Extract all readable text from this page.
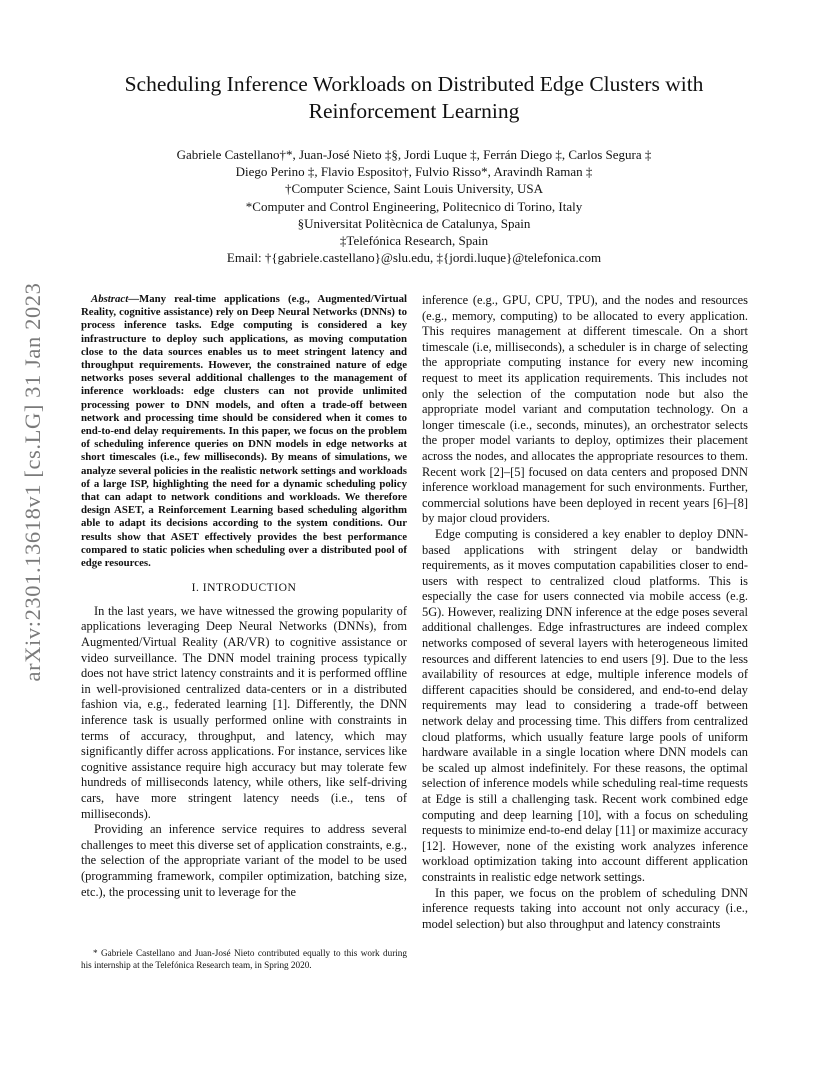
Scheduling Inference Workloads on Distributed Edge Clusters with
Reinforcement Learning
Gabriele Castellano†*, Juan-José Nieto ‡§, Jordi Luque ‡, Ferrán Diego ‡, Carlos Segura ‡
Diego Perino ‡, Flavio Esposito†, Fulvio Risso*, Aravindh Raman ‡
†Computer Science, Saint Louis University, USA
*Computer and Control Engineering, Politecnico di Torino, Italy
§Universitat Politècnica de Catalunya, Spain
‡Telefónica Research, Spain
Email: †{gabriele.castellano}@slu.edu, ‡{jordi.luque}@telefonica.com
arXiv:2301.13618v1 [cs.LG] 31 Jan 2023	Abstract—Many real-time applications (e.g., Augmented/Virtual Reality, cognitive assistance) rely on Deep Neural Networks (DNNs) to process inference tasks. Edge computing is considered a key infrastructure to deploy such applications, as moving computation close to the data sources enables us to meet stringent latency and throughput requirements. However, the constrained nature of edge networks poses several additional challenges to the management of inference workloads: edge clusters can not provide unlimited processing power to DNN models, and often a trade-off between network and processing time should be considered when it comes to end-to-end delay requirements. In this paper, we focus on the problem of scheduling inference queries on DNN models in edge networks at short timescales (i.e., few milliseconds). By means of simulations, we analyze several policies in the realistic network settings and workloads of a large ISP, highlighting the need for a dynamic scheduling policy that can adapt to network conditions and workloads. We therefore design ASET, a Reinforcement Learning based scheduling algorithm able to adapt its decisions according to the system conditions. Our results show that ASET effectively provides the best performance compared to static policies when scheduling over a distributed pool of edge resources.

I. INTRODUCTION

In the last years, we have witnessed the growing popularity of applications leveraging Deep Neural Networks (DNNs), from Augmented/Virtual Reality (AR/VR) to cognitive assistance or video surveillance. The DNN model training process typically does not have strict latency constraints and it is performed offline in well-provisioned centralized data-centers or in a distributed fashion via, e.g., federated learning [1]. Differently, the DNN inference task is usually performed online with constraints in terms of accuracy, throughput, and latency, which may significantly differ across applications. For instance, services like cognitive assistance require high accuracy but may tolerate few hundreds of milliseconds latency, while others, like self-driving cars, have more stringent latency needs (i.e., tens of milliseconds).

Providing an inference service requires to address several challenges to meet this diverse set of application constraints, e.g., the selection of the appropriate variant of the model to be used (programming framework, compiler optimization, batching size, etc.), the processing unit to leverage for the

* Gabriele Castellano and Juan-José Nieto contributed equally to this work during his internship at the Telefónica Research team, in Spring 2020.

inference (e.g., GPU, CPU, TPU), and the nodes and resources (e.g., memory, computing) to be allocated to every application. This requires management at different timescale. On a short timescale (i.e, milliseconds), a scheduler is in charge of selecting the appropriate computing instance for every new incoming request to meet its application requirements. This includes not only the selection of the computation node but also the appropriate model variant and computation technology. On a longer timescale (i.e., seconds, minutes), an orchestrator selects the proper model variants to deploy, optimizes their placement across the nodes, and allocates the appropriate resources to them. Recent work [2]–[5] focused on data centers and proposed DNN inference workload management for such environments. Further, commercial solutions have been deployed in recent years [6]–[8] by major cloud providers.

Edge computing is considered a key enabler to deploy DNN-based applications with stringent delay or bandwidth requirements, as it moves computation capabilities closer to end-users with respect to centralized cloud platforms. This is especially the case for users connected via mobile access (e.g. 5G). However, realizing DNN inference at the edge poses several additional challenges. Edge infrastructures are indeed complex networks composed of several layers with heterogeneous limited resources and different latencies to end users [9]. Due to the less availability of resources at edge, multiple inference models of different capacities should be considered, and end-to-end delay requirements may lead to considering a trade-off between network delay and processing time. This differs from centralized cloud platforms, which usually feature large pools of uniform hardware available in a single location where DNN models can be scaled up almost indefinitely. For these reasons, the optimal selection of inference models while scheduling real-time requests at Edge is still a challenging task. Recent work combined edge computing and deep learning [10], with a focus on scheduling requests to minimize end-to-end delay [11] or maximize accuracy [12]. However, none of the existing work analyzes inference workload optimization taking into account different application constraints in realistic edge network settings.

In this paper, we focus on the problem of scheduling DNN inference requests taking into account not only accuracy (i.e., model selection) but also throughput and latency constraints
